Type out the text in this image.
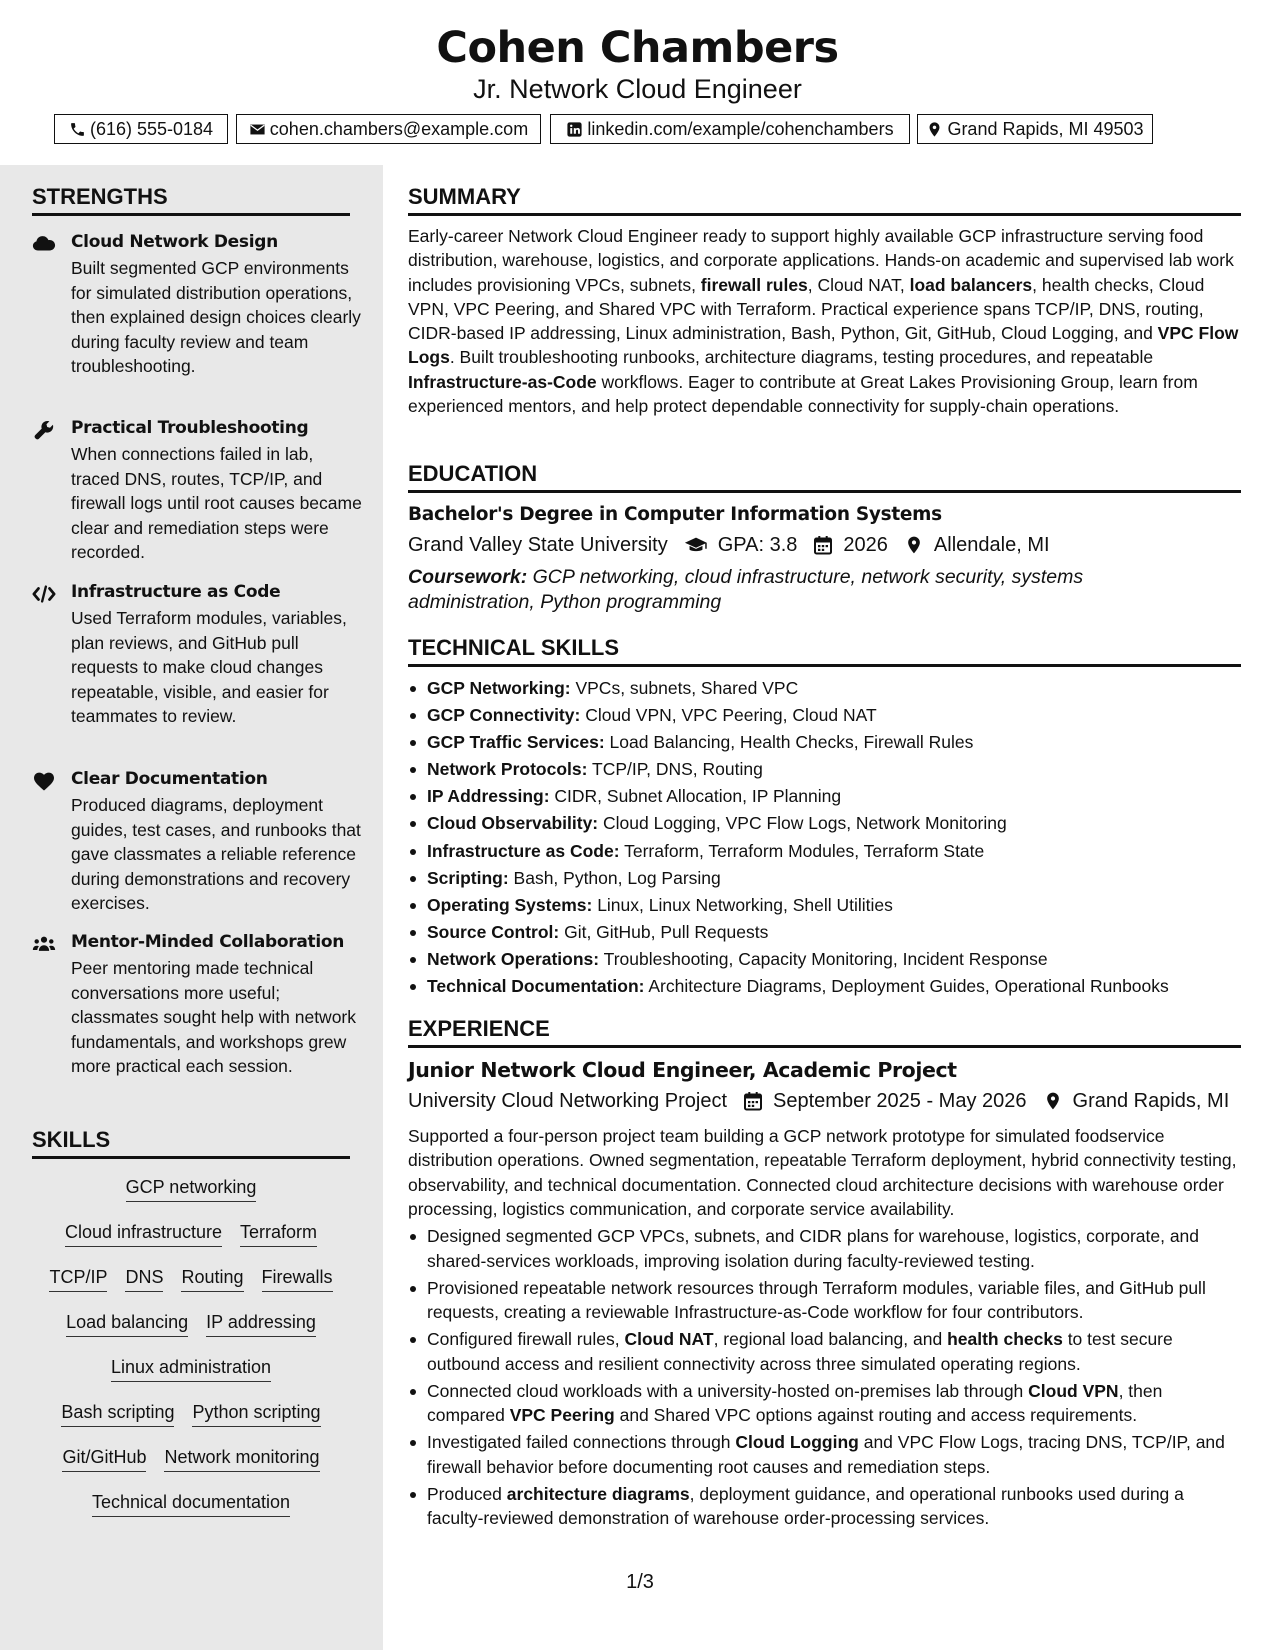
Cohen Chambers
Jr. Network Cloud Engineer
(616) 555-0184	cohen.chambers@example.com	linkedin.com/example/cohenchambers	Grand Rapids, MI 49503
STRENGTHS
Cloud Network Design
Built segmented GCP environments for simulated distribution operations, then explained design choices clearly during faculty review and team troubleshooting.
Practical Troubleshooting
When connections failed in lab, traced DNS, routes, TCP/IP, and firewall logs until root causes became clear and remediation steps were recorded.
Infrastructure as Code
Used Terraform modules, variables, plan reviews, and GitHub pull requests to make cloud changes repeatable, visible, and easier for teammates to review.
Clear Documentation
Produced diagrams, deployment guides, test cases, and runbooks that gave classmates a reliable reference during demonstrations and recovery exercises.
Mentor-Minded Collaboration
Peer mentoring made technical conversations more useful; classmates sought help with network fundamentals, and workshops grew more practical each session.
SKILLS
GCP networking
Cloud infrastructure Terraform
TCP/IP DNS Routing Firewalls
Load balancing IP addressing
Linux administration
Bash scripting Python scripting
Git/GitHub Network monitoring
Technical documentation
SUMMARY

Early-career Network Cloud Engineer ready to support highly available GCP infrastructure serving food distribution, warehouse, logistics, and corporate applications. Hands-on academic and supervised lab work includes provisioning VPCs, subnets, firewall rules, Cloud NAT, load balancers, health checks, Cloud VPN, VPC Peering, and Shared VPC with Terraform. Practical experience spans TCP/IP, DNS, routing, CIDR-based IP addressing, Linux administration, Bash, Python, Git, GitHub, Cloud Logging, and VPC Flow Logs. Built troubleshooting runbooks, architecture diagrams, testing procedures, and repeatable Infrastructure-as-Code workflows. Eager to contribute at Great Lakes Provisioning Group, learn from experienced mentors, and help protect dependable connectivity for supply-chain operations.

EDUCATION
Bachelor's Degree in Computer Information Systems
Grand Valley State University	GPA: 3.8 2026 Allendale, MI

Coursework: GCP networking, cloud infrastructure, network security, systems administration, Python programming

TECHNICAL SKILLS
GCP Networking: VPCs, subnets, Shared VPC
GCP Connectivity: Cloud VPN, VPC Peering, Cloud NAT
GCP Traffic Services: Load Balancing, Health Checks, Firewall Rules
Network Protocols: TCP/IP, DNS, Routing
IP Addressing: CIDR, Subnet Allocation, IP Planning
Cloud Observability: Cloud Logging, VPC Flow Logs, Network Monitoring
Infrastructure as Code: Terraform, Terraform Modules, Terraform State
Scripting: Bash, Python, Log Parsing
Operating Systems: Linux, Linux Networking, Shell Utilities
Source Control: Git, GitHub, Pull Requests
Network Operations: Troubleshooting, Capacity Monitoring, Incident Response
Technical Documentation: Architecture Diagrams, Deployment Guides, Operational Runbooks
EXPERIENCE
Junior Network Cloud Engineer, Academic Project
University Cloud Networking Project September 2025 - May 2026 Grand Rapids, MI

Supported a four-person project team building a GCP network prototype for simulated foodservice distribution operations. Owned segmentation, repeatable Terraform deployment, hybrid connectivity testing, observability, and technical documentation. Connected cloud architecture decisions with warehouse order processing, logistics communication, and corporate service availability.

Designed segmented GCP VPCs, subnets, and CIDR plans for warehouse, logistics, corporate, and shared-services workloads, improving isolation during faculty-reviewed testing.
Provisioned repeatable network resources through Terraform modules, variable files, and GitHub pull requests, creating a reviewable Infrastructure-as-Code workflow for four contributors.
Configured firewall rules, Cloud NAT, regional load balancing, and health checks to test secure outbound access and resilient connectivity across three simulated operating regions.
Connected cloud workloads with a university-hosted on-premises lab through Cloud VPN, then compared VPC Peering and Shared VPC options against routing and access requirements.
Investigated failed connections through Cloud Logging and VPC Flow Logs, tracing DNS, TCP/IP, and firewall behavior before documenting root causes and remediation steps.
Produced architecture diagrams, deployment guidance, and operational runbooks used during a faculty-reviewed demonstration of warehouse order-processing services.
1/3
